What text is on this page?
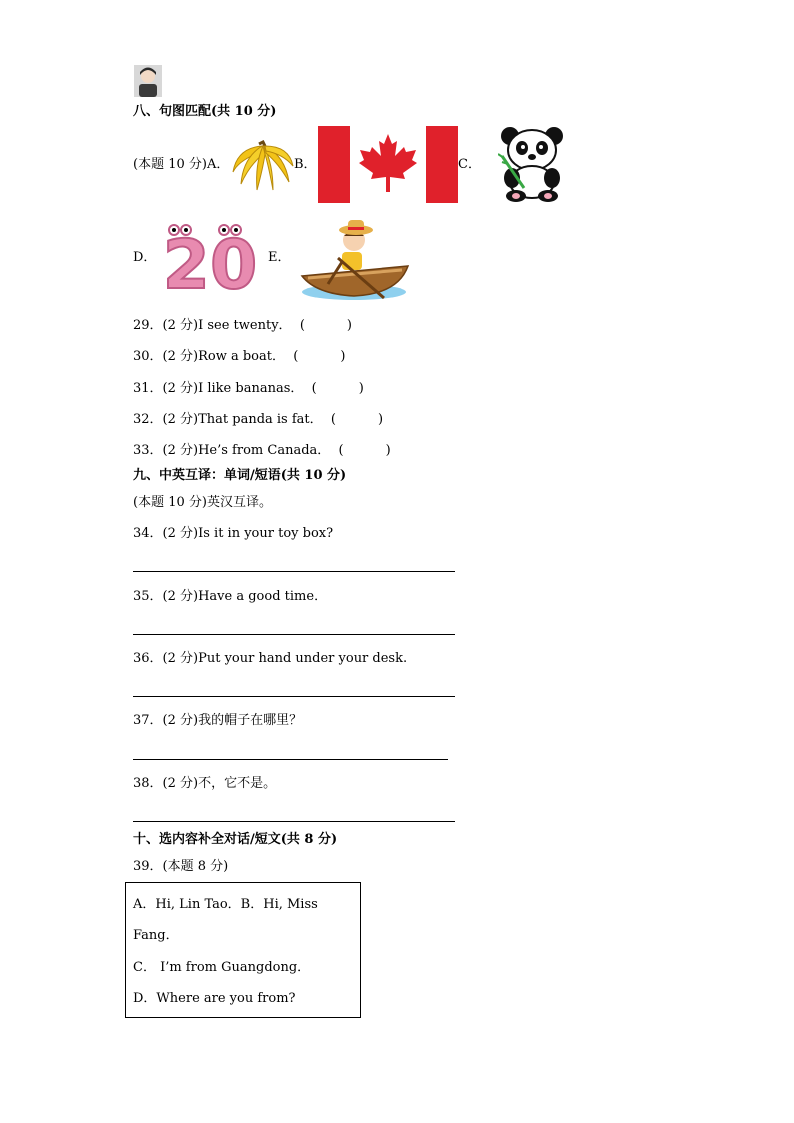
八、句图匹配(共 10 分)
(本题 10 分)A．	B．	C．
D． 20 E．
29．(2 分)I see twenty． (	)
30．(2 分)Row a boat． (	)
31．(2 分)I like bananas． (	)
32．(2 分)That panda is fat． (	)
33．(2 分)He’s from Canada． (	)
九、中英互译：单词/短语(共 10 分)
(本题 10 分)英汉互译。
34．(2 分)Is it in your toy box?
35．(2 分)Have a good time．
36．(2 分)Put your hand under your desk.
37．(2 分)我的帽子在哪里？
38．(2 分)不，它不是。
十、选内容补全对话/短文(共 8 分)
39．(本题 8 分)
A．Hi, Lin Tao．B．Hi, Miss
Fang．
C． I’m from Guangdong．
D．Where are you from?
